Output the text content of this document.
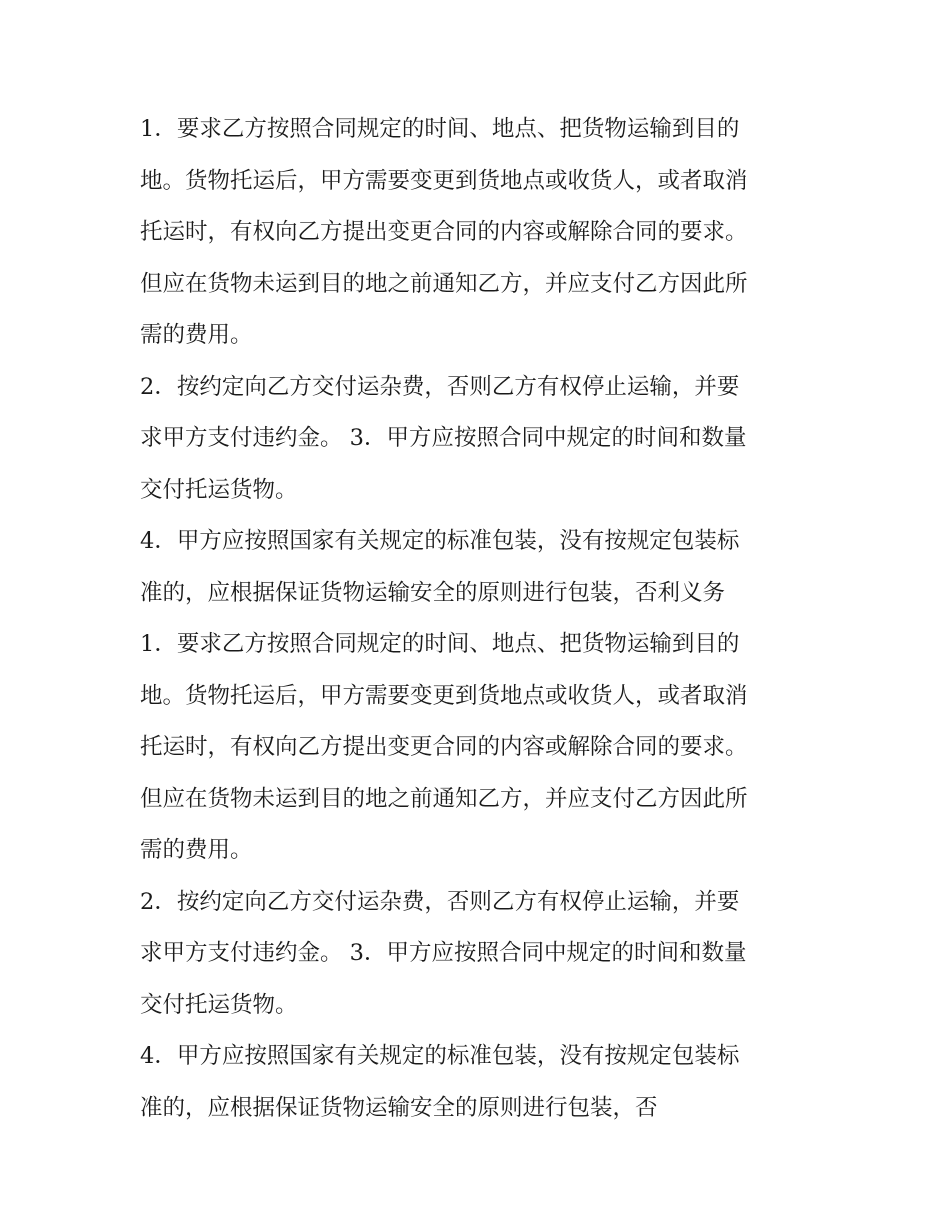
1．要求乙方按照合同规定的时间、地点、把货物运输到目的
地。货物托运后，甲方需要变更到货地点或收货人，或者取消
托运时，有权向乙方提出变更合同的内容或解除合同的要求。
但应在货物未运到目的地之前通知乙方，并应支付乙方因此所
需的费用。
2．按约定向乙方交付运杂费，否则乙方有权停止运输，并要
求甲方支付违约金。 3．甲方应按照合同中规定的时间和数量
交付托运货物。
4．甲方应按照国家有关规定的标准包装，没有按规定包装标
准的，应根据保证货物运输安全的原则进行包装，否利义务
1．要求乙方按照合同规定的时间、地点、把货物运输到目的
地。货物托运后，甲方需要变更到货地点或收货人，或者取消
托运时，有权向乙方提出变更合同的内容或解除合同的要求。
但应在货物未运到目的地之前通知乙方，并应支付乙方因此所
需的费用。
2．按约定向乙方交付运杂费，否则乙方有权停止运输，并要
求甲方支付违约金。 3．甲方应按照合同中规定的时间和数量
交付托运货物。
4．甲方应按照国家有关规定的标准包装，没有按规定包装标
准的，应根据保证货物运输安全的原则进行包装，否
